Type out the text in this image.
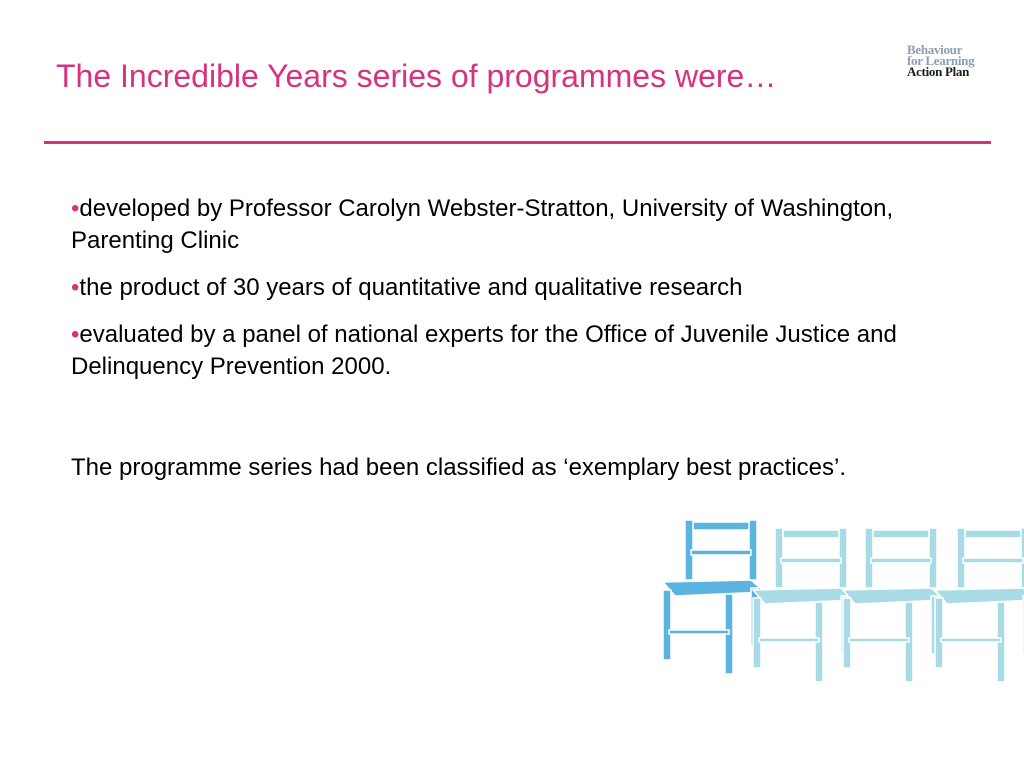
The Incredible Years series of programmes were…
Behaviour
for Learning
Action Plan
•developed by Professor Carolyn Webster-Stratton, University of Washington, Parenting Clinic
•the product of 30 years of quantitative and qualitative research
•evaluated by a panel of national experts for the Office of Juvenile Justice and Delinquency Prevention 2000.

The programme series had been classified as ‘exemplary best practices’.
